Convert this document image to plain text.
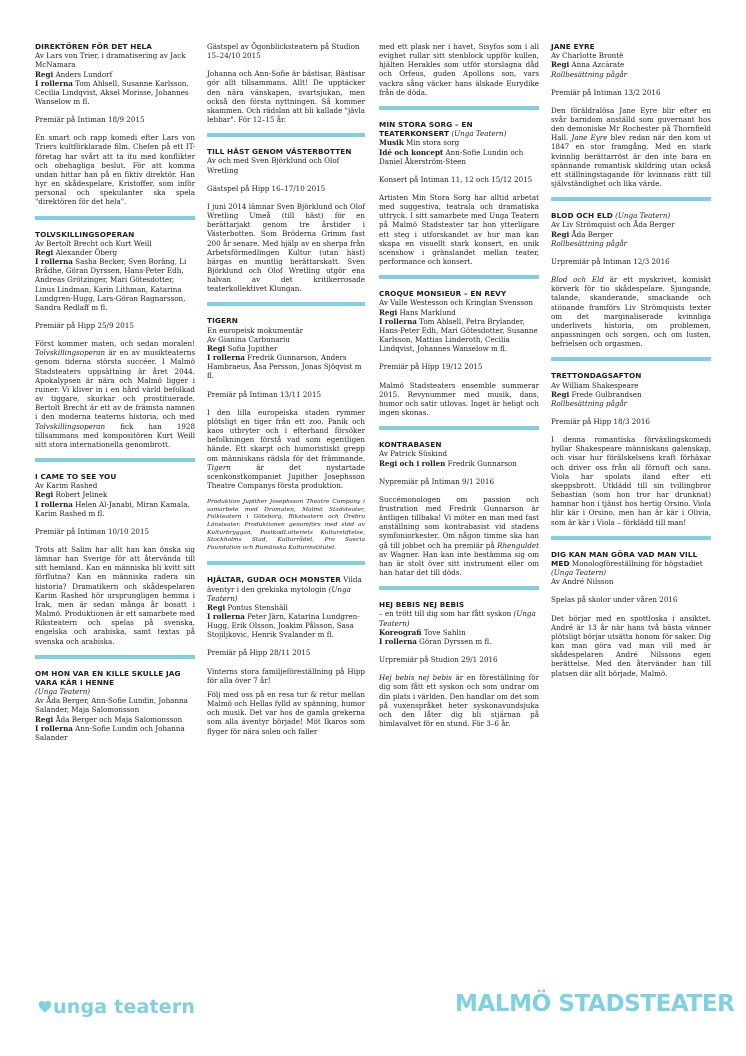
DIREKTÖREN FÖR DET HELA

Av Lars von Trier, i dramatisering av Jack McNamara

Regi Anders Lundorf

I rollerna Tom Ahlsell, Susanne Karlsson, Cecilia Lindqvist, Aksel Morisse, Johannes Wanselow m fl.

Premiär på Intiman 18/9 2015

En smart och rapp komedi efter Lars von Triers kultförklarade film. Chefen på ett IT-företag har svårt att ta itu med konflikter och obehagliga beslut. För att komma undan hittar han på en fiktiv direktör. Han hyr en skådespelare, Kristoffer, som inför personal och spekulanter ska spela "direktören för det hela".

TOLVSKILLINGSOPERAN

Av Bertolt Brecht och Kurt Weill

Regi Alexander Öberg

I rollerna Sasha Becker, Sven Boräng, Li Brådhe, Göran Dyrssen, Hans-Peter Edh, Andreas Grötzinger, Mari Götesdotter, Linus Lindman, Karin Lithman, Katarina Lundgren-Hugg, Lars-Göran Ragnarsson, Sandra Redlaff m fl.

Premiär på Hipp 25/9 2015

Först kommer maten, och sedan moralen! Tolvskillingsoperan är en av musikteaterns genom tiderna största succéer. I Malmö Stadsteaters uppsättning är året 2044. Apokalypsen är nära och Malmö ligger i ruiner. Vi kliver in i en hård värld befolkad av tiggare, skurkar och prostituerade. Bertolt Brecht är ett av de främsta namnen i den moderna teaterns historia, och med Tolvskillingsoperan fick han 1928 tillsammans med kompositören Kurt Weill sitt stora internationella genombrott.

I CAME TO SEE YOU

Av Karim Rashed

Regi Robert Jelinek

I rollerna Helen Al-Janabi, Miran Kamala, Karim Rashed m fl.

Premiär på Intiman 10/10 2015

Trots att Salim har allt han kan önska sig lämnar han Sverige för att återvända till sitt hemland. Kan en människa bli kvitt sitt förflutna? Kan en människa radera sin historia? Dramatikern och skådespelaren Karim Rashed hör ursprungligen hemma i Irak, men är sedan många år bosatt i Malmö. Produktionen är ett samarbete med Riksteatern och spelas på svenska, engelska och arabiska, samt textas på svenska och arabiska.

OM HON VAR EN KILLE SKULLE JAG VARA KÄR I HENNE

(Unga Teatern)

Av Åda Berger, Ann-Sofie Lundin, Johanna Salander, Maja Salomonsson

Regi Åda Berger och Maja Salomonsson

I rollerna Ann-Sofie Lundin och Johanna Salander

Gästspel av Ögonblicksteatern på Studion 15–24/10 2015

Johanna och Ann-Sofie är bästisar. Bästisar gör allt tillsammans. Allt! De upptäcker den nära vänskapen, svartsjukan, men också den första nyttningen. Så kommer skammen. Och rädslan att bli kallade "jävla lebbar". För 12–15 år.

TILL HÄST GENOM VÄSTERBOTTEN

Av och med Sven Björklund och Olof Wretling

Gästspel på Hipp 16–17/10 2015

I juni 2014 lämnar Sven Björklund och Olof Wretling Umeå (till häst) för en berättarjakt genom tre årstider i Västerbotten. Som Bröderna Grimm fast 200 år senare. Med hjälp av en sherpa från Arbetsförmedlingen Kultur (utan häst) bärgas en muntlig berättarskatt. Sven Björklund och Olof Wretling utgör ena halvan av det kritikerrosade teaterkollektivet Klungan.

TIGERN

En europeisk mokumentär

Av Gianina Carbunariu

Regi Sofia Jupither

I rollerna Fredrik Gunnarson, Anders Hambraeus, Åsa Persson, Jonas Sjöqvist m fl.

Premiär på Intiman 13/11 2015

I den lilla europeiska staden rymmer plötsligt en tiger från ett zoo. Panik och kaos utbryter och i efterhand försöker befolkningen förstå vad som egentligen hände. Ett skarpt och humoristiskt grepp om människans rädsla för det främmande. Tigern är det nystartade scenkonstkompaniet Jupither Josephsson Theatre Companys första produktion.

Produktion Jupither Josephsson Theatre Company i samarbete med Dramaten, Malmö Stadsteater, Folkteatern i Göteborg, Riksteatern och Örebro Länsteater. Produktionen genomförs med stöd av Kulturbryggan, PostkodLotteriets Kulturstiftelse, Stockholms Stad, Kulturrådet, Pro Suecia Foundation och Rumänska Kulturinstitutet.

HJÄLTAR, GUDAR OCH MONSTER Vilda äventyr i den grekiska mytologin (Unga Teatern)

Regi Pontus Stenshäll

I rollerna Peter Järn, Katarina Lundgren-Hugg, Erik Olsson, Joakim Pålsson, Sasa Stojiljkovic, Henrik Svalander m fl.

Premiär på Hipp 28/11 2015

Vinterns stora familjeföreställning på Hipp för alla över 7 år!

Följ med oss på en resa tur & retur mellan Malmö och Hellas fylld av spänning, humor och musik. Det var hos de gamla grekerna som alla äventyr började! Möt Ikaros som flyger för nära solen och faller

med ett plask ner i havet, Sisyfos som i all evighet rullar sitt stenblock uppför kullen, hjälten Herakles som utför storslagna dåd och Orfeus, guden Apollons son, vars vackra sång väcker hans älskade Eurydike från de döda.

MIN STORA SORG – EN TEATERKONSERT (Unga Teatern)

Musik Min stora sorg

Idé och koncept Ann-Sofie Lundin och Daniel Åkerström-Steen

Konsert på Intiman 11, 12 och 15/12 2015

Artisten Min Stora Sorg har alltid arbetat med suggestiva, teatrala och dramatiska uttryck. I sitt samarbete med Unga Teatern på Malmö Stadsteater tar hon ytterligare ett steg i utforskandet av hur man kan skapa en visuellt stark konsert, en unik scenshow i gränslandet mellan teater, performance och konsert.

CROQUE MONSIEUR – EN REVY

Av Valle Westesson och Kringlan Svensson

Regi Hans Marklund

I rollerna Tom Ahlsell, Petra Brylander, Hans-Peter Edh, Mari Götesdotter, Susanne Karlsson, Mattias Linderoth, Cecilia Lindqvist, Johannes Wanselow m fl.

Premiär på Hipp 19/12 2015

Malmö Stadsteaters ensemble summerar 2015. Revynummer med musik, dans, humor och satir utlovas. Inget är heligt och ingen skonas.

KONTRABASEN

Av Patrick Süskind

Regi och i rollen Fredrik Gunnarson

Nypremiär på Intiman 9/1 2016

Succémonologen om passion och frustration med Fredrik Gunnarson är äntligen tillbaka! Vi möter en man med fast anställning som kontrabasist vid stadens symfoniorkester. Om någon timme ska han gå till jobbet och ha premiär på Rhenguldet av Wagner. Han kan inte bestämma sig om han är stolt över sitt instrument eller om han hatar det till döds.

HEJ BEBIS NEJ BEBIS

– en trött till dig som har fått syskon (Unga Teatern)

Koreografi Tove Sahlin

I rollerna Göran Dyrssen m fl.

Urpremiär på Studion 29/1 2016

Hej bebis nej bebis är en föreställning för dig som fått ett syskon och som undrar om din plats i världen. Den handlar om det som på vuxenspråket heter syskonavundsjuka och den låter dig bli stjärnan på himlavalvet för en stund. För 3–6 år.

JANE EYRE

Av Charlotte Brontë

Regi Anna Azcárate

Rollbesättning pågår

Premiär på Intiman 13/2 2016

Den föräldralösa Jane Eyre blir efter en svår barndom anställd som guvernant hos den demoniske Mr Rochester på Thornfield Hall. Jane Eyre blev redan när den kom ut 1847 en stor framgång. Med en stark kvinnlig berättarröst är den inte bara en spännande romantisk skildring utan också ett ställningstagande för kvinnans rätt till självständighet och lika värde.

BLOD OCH ELD (Unga Teatern)

Av Liv Strömquist och Åda Berger

Regi Åda Berger

Rollbesättning pågår

Urpremiär på Intiman 12/3 2016

Blod och Eld är ett myskrivet, komiskt körverk för tio skådespelare. Sjungande, talande, skanderande, smackande och stönande framförs Liv Strömquists texter om det marginaliserade kvinnliga underlivets historia, om problemen, anpassningen och sorgen, och om lusten, befrielsen och orgasmen.

TRETTONDAGSAFTON

Av William Shakespeare

Regi Frede Gulbrandsen

Rollbesättning pågår

Premiär på Hipp 18/3 2016

I denna romantiska förväxlingskomedi hyllar Shakespeare människans galenskap, och visar hur förälskelsens kraft förhäxar och driver oss från all förnuft och sans. Viola har spolats iland efter ett skeppsbrott. Utklädd till sin tvillingbror Sebastian (som hon tror har drunknat) hamnar hon i tjänst hos hertig Orsino. Viola blir kär i Orsino, men han är kär i Olivia, som är kär i Viola – förklädd till man!

DIG KAN MAN GÖRA VAD MAN VILL MED Monologföreställning för högstadiet (Unga Teatern)

Av André Nilsson

Spelas på skolor under våren 2016

Det börjar med en spottloska i ansiktet. André är 13 år när hans två bästa vänner plötsligt börjar utsätta honom för saker. Dig kan man göra vad man vill med är skådespelaren André Nilssons egen berättelse. Med den återvänder han till platsen där allt började, Malmö.

unga teatern	MALMÖ STADSTEATER
